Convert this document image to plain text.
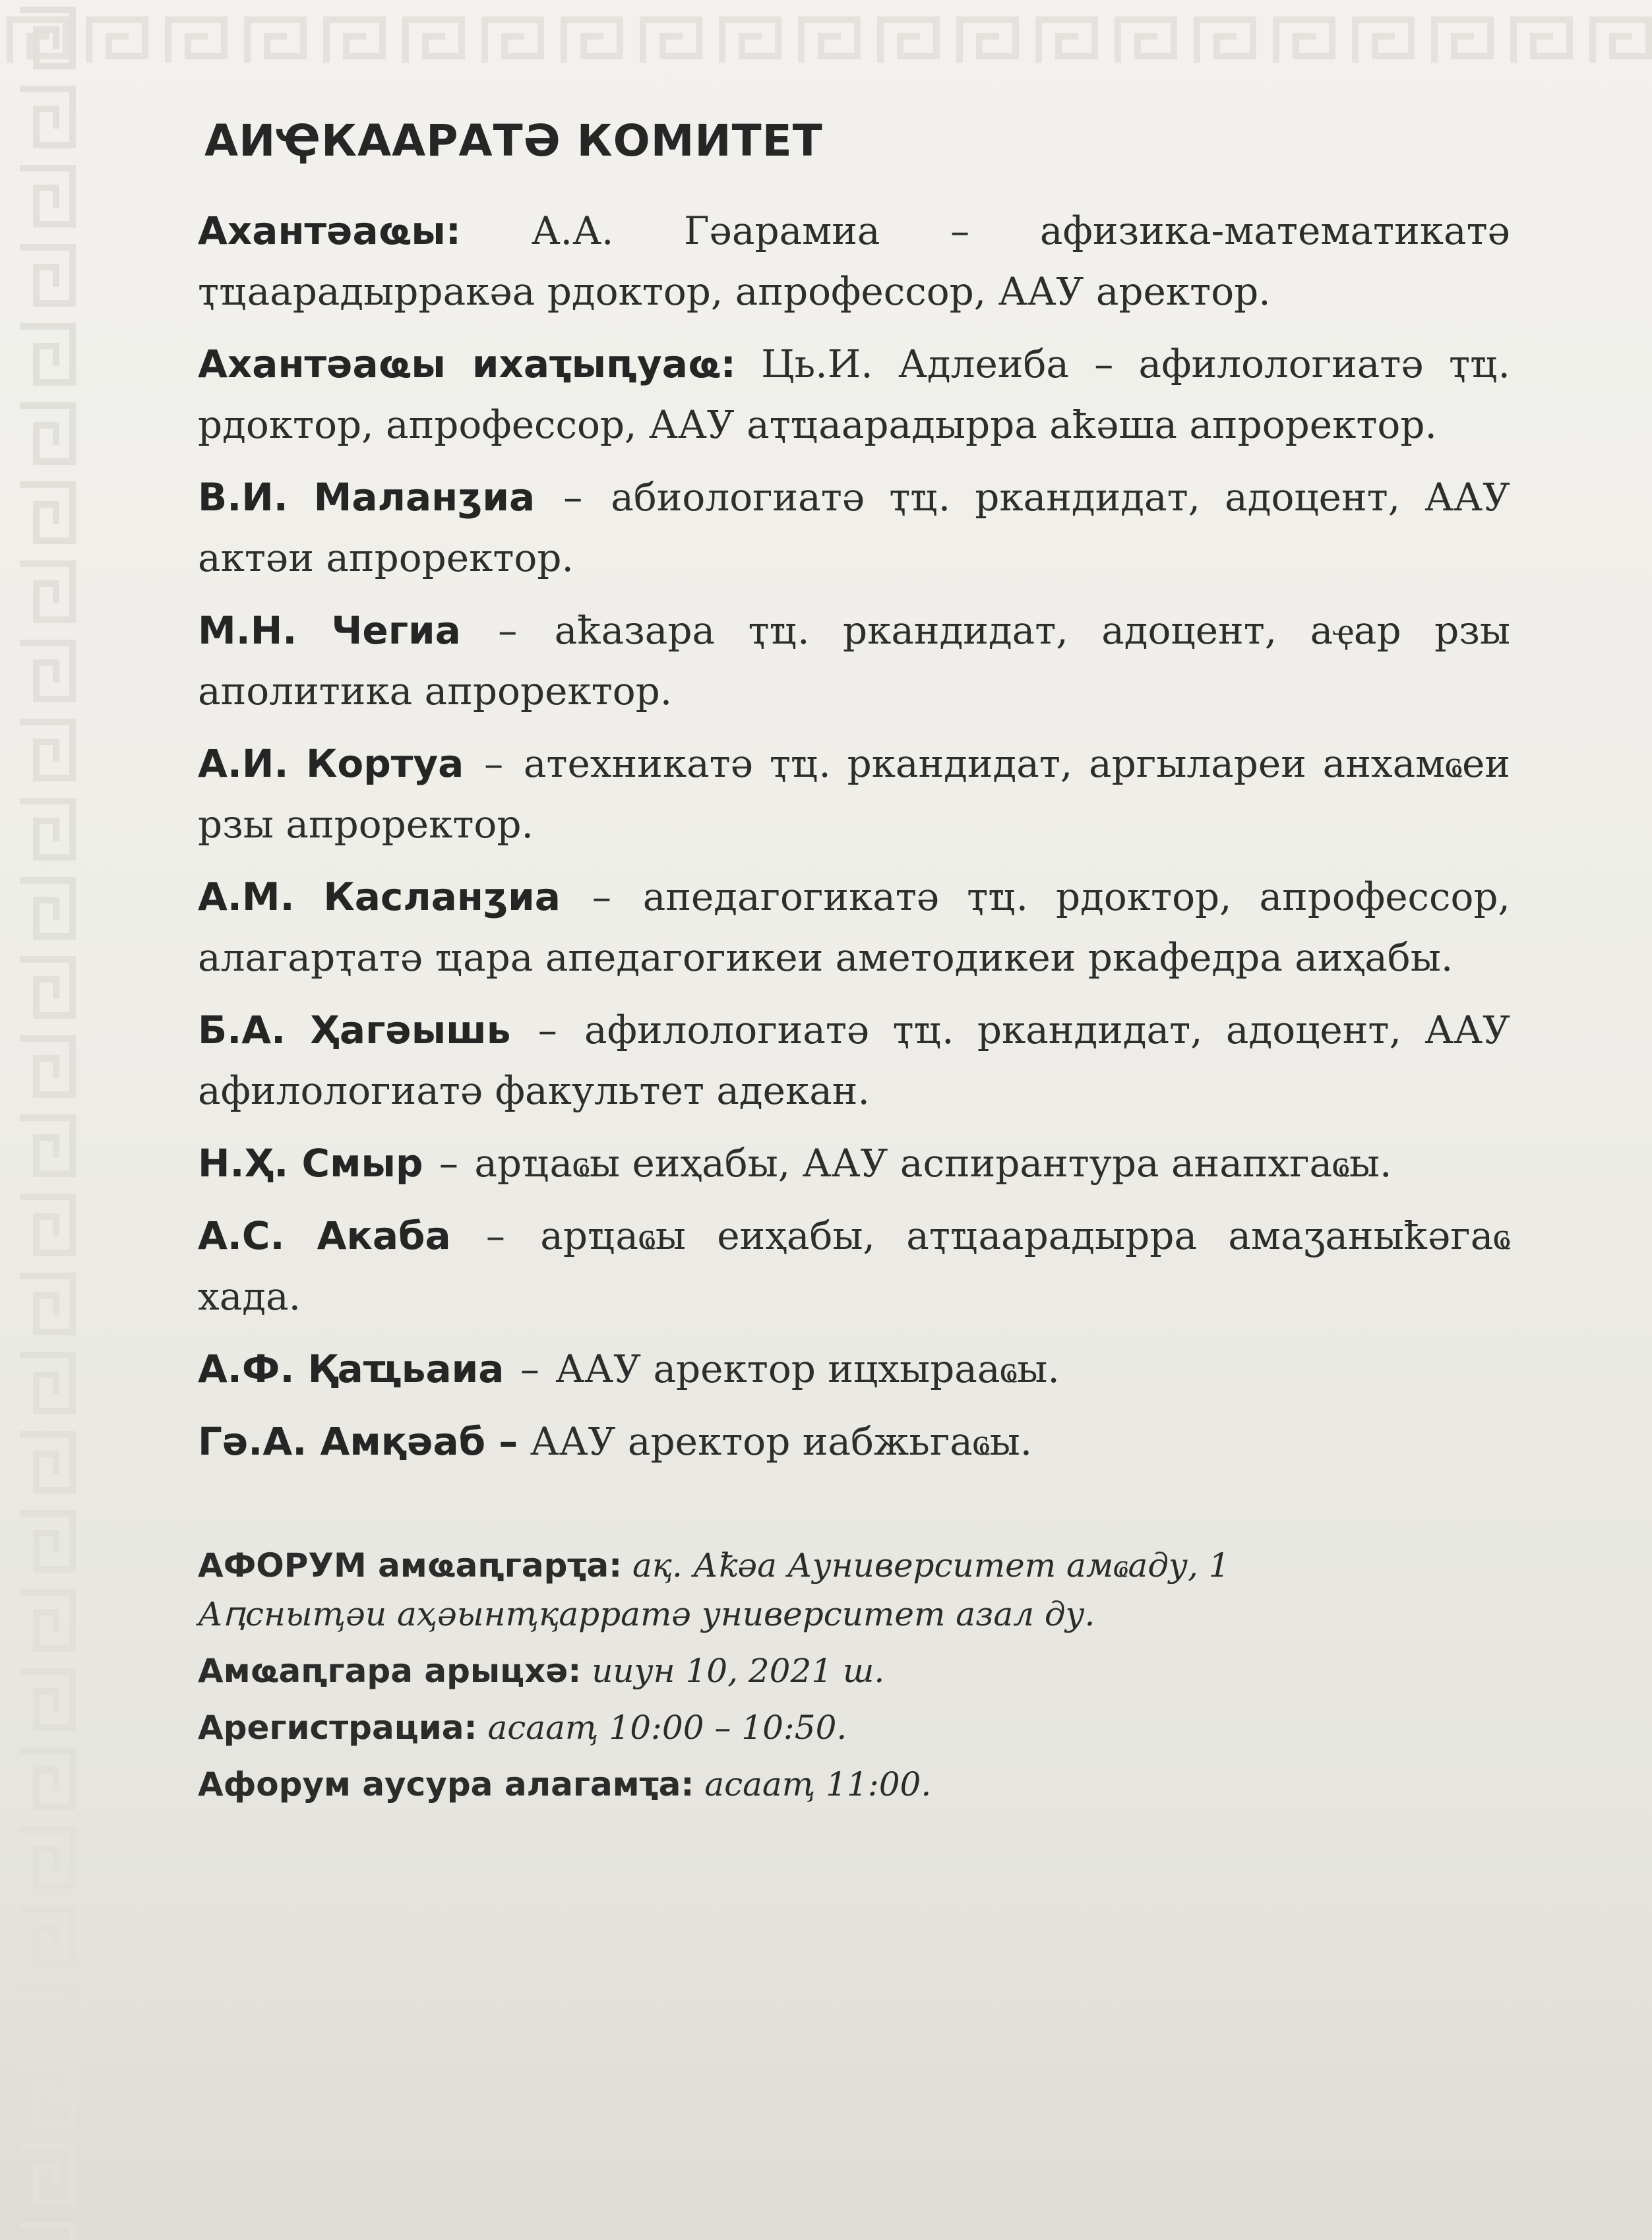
АИҾКААРАТӘ КОМИТЕТ

Ахантәаҩы: А.А. Гәарамиа – афизика-математикатә ҭҵаарадырракәа рдоктор, апрофессор, ААУ аректор.

Ахантәаҩы ихаҭыԥуаҩ: Ць.И. Адлеиба – афилологиатә ҭҵ. рдоктор, апрофессор, ААУ аҭҵаарадырра аҟәша апроректор.

В.И. Маланӡиа – абиологиатә ҭҵ. ркандидат, адоцент, ААУ актәи апроректор.

М.Н. Чегиа – аҟазара ҭҵ. ркандидат, адоцент, аҿар рзы аполитика апроректор.

А.И. Кортуа – атехникатә ҭҵ. ркандидат, аргылареи анхамҩеи рзы апроректор.

А.М. Касланӡиа – апедагогикатә ҭҵ. рдоктор, апрофессор, алагарҭатә ҵара апедагогикеи аметодикеи ркафедра аиҳабы.

Б.А. Ҳагәышь – афилологиатә ҭҵ. ркандидат, адоцент, ААУ афилологиатә факультет адекан.

Н.Ҳ. Смыр – арҵаҩы еиҳабы, ААУ аспирантура анапхгаҩы.

А.С. Акаба – арҵаҩы еиҳабы, аҭҵаарадырра амаӡаныҟәгаҩ хада.

А.Ф. Қаҵьаиа – ААУ аректор ицхырааҩы.

Гә.А. Амқәаб – ААУ аректор иабжьгаҩы.

АФОРУМ амҩаԥгарҭа: ақ. Аҟәа Ауниверситет амҩаду, 1
Аԥсныҭәи аҳәынҭқарратә университет азал ду.
Амҩаԥгара арыцхә: ииун 10, 2021 ш.
Арегистрациа: асааҭ 10:00 – 10:50.
Афорум аусура алагамҭа: асааҭ 11:00.
